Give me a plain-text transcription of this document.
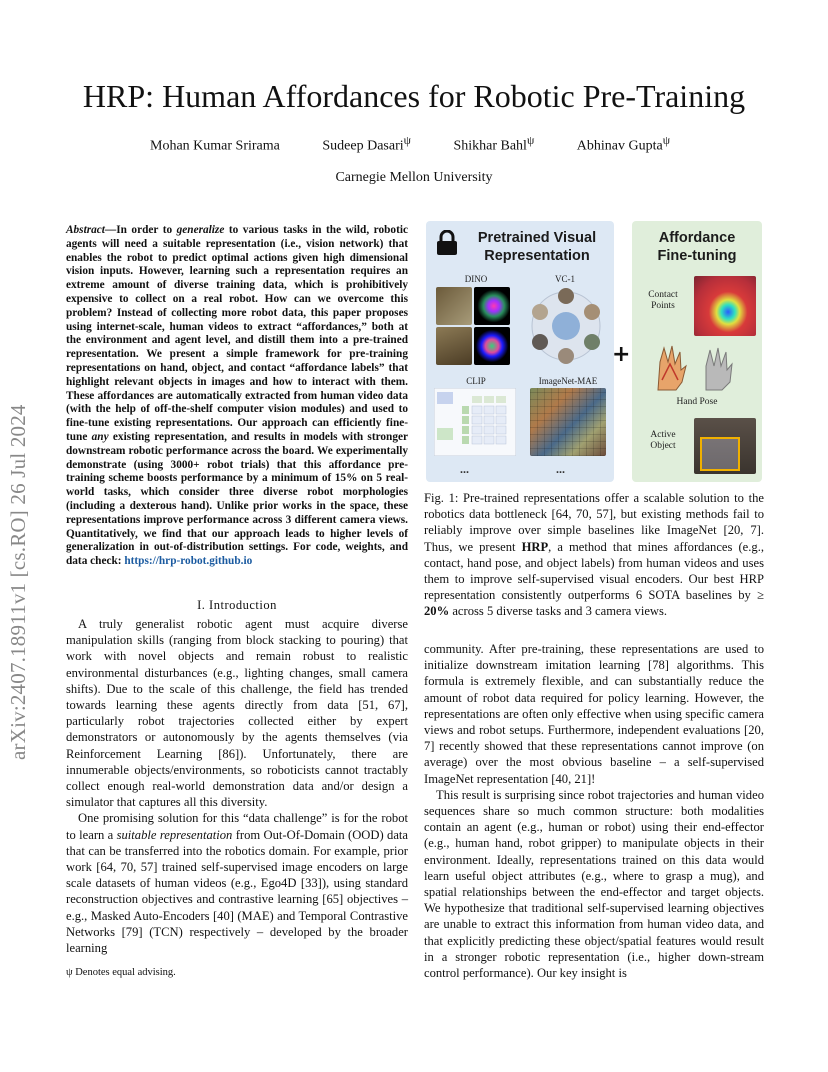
arXiv:2407.18911v1 [cs.RO] 26 Jul 2024
HRP: Human Affordances for Robotic Pre-Training
Mohan Kumar Srirama	Sudeep Dasari$^\psi$	Shikhar Bahl$^\psi$	Abhinav Gupta$^\psi$
Carnegie Mellon University
Abstract—In order to generalize to various tasks in the wild, robotic agents will need a suitable representation (i.e., vision network) that enables the robot to predict optimal actions given high dimensional vision inputs. However, learning such a representation requires an extreme amount of diverse training data, which is prohibitively expensive to collect on a real robot. How can we overcome this problem? Instead of collecting more robot data, this paper proposes using internet-scale, human videos to extract “affordances,” both at the environment and agent level, and distill them into a pre-trained representation. We present a simple framework for pre-training representations on hand, object, and contact “affordance labels” that highlight relevant objects in images and how to interact with them. These affordances are automatically extracted from human video data (with the help of off-the-shelf computer vision modules) and used to fine-tune existing representations. Our approach can efficiently fine-tune any existing representation, and results in models with stronger downstream robotic performance across the board. We experimentally demonstrate (using 3000+ robot trials) that this affordance pre-training scheme boosts performance by a minimum of 15% on 5 real-world tasks, which consider three diverse robot morphologies (including a dexterous hand). Unlike prior works in the space, these representations improve performance across 3 different camera views. Quantitatively, we find that our approach leads to higher levels of generalization in out-of-distribution settings. For code, weights, and data check: https://hrp-robot.github.io
I. Introduction

A truly generalist robotic agent must acquire diverse manipulation skills (ranging from block stacking to pouring) that work with novel objects and remain robust to realistic environmental disturbances (e.g., lighting changes, small camera shifts). Due to the scale of this challenge, the field has trended towards learning these agents directly from data [51, 67], particularly robot trajectories collected either by expert demonstrators or autonomously by the agents themselves (via Reinforcement Learning [86]). Unfortunately, there are innumerable objects/environments, so roboticists cannot tractably collect enough real-world demonstration data and/or design a simulator that captures all this diversity.

One promising solution for this “data challenge” is for the robot to learn a suitable representation from Out-Of-Domain (OOD) data that can be transferred into the robotics domain. For example, prior work [64, 70, 57] trained self-supervised image encoders on large scale datasets of human videos (e.g., Ego4D [33]), using standard reconstruction objectives and contrastive learning [65] objectives – e.g., Masked Auto-Encoders [40] (MAE) and Temporal Contrastive Networks [79] (TCN) respectively – developed by the broader learning

ψ Denotes equal advising.
Pretrained Visual
Representation
Affordance
Fine-tuning
DINO	VC-1
CLIP	ImageNet-MAE
...	...
+
Contact Points
Hand Pose
Active Object
Fig. 1: Pre-trained representations offer a scalable solution to the robotics data bottleneck [64, 70, 57], but existing methods fail to reliably improve over simple baselines like ImageNet [20, 7]. Thus, we present HRP, a method that mines affordances (e.g., contact, hand pose, and object labels) from human videos and uses them to improve self-supervised visual encoders. Our best HRP representation consistently outperforms 6 SOTA baselines by ≥ 20% across 5 diverse tasks and 3 camera views.

community. After pre-training, these representations are used to initialize downstream imitation learning [78] algorithms. This formula is extremely flexible, and can substantially reduce the amount of robot data required for policy learning. However, the representations are often only effective when using specific camera views and robot setups. Furthermore, independent evaluations [20, 7] recently showed that these representations cannot improve (on average) over the most obvious baseline – a self-supervised ImageNet representation [40, 21]!

This result is surprising since robot trajectories and human video sequences share so much common structure: both modalities contain an agent (e.g., human or robot) using their end-effector (e.g., human hand, robot gripper) to manipulate objects in their environment. Ideally, representations trained on this data would learn useful object attributes (e.g., where to grasp a mug), and spatial relationships between the end-effector and target objects. We hypothesize that traditional self-supervised learning objectives are unable to extract this information from human video data, and that explicitly predicting these object/spatial features would result in a stronger robotic representation (i.e., higher down-stream control performance). Our key insight is
